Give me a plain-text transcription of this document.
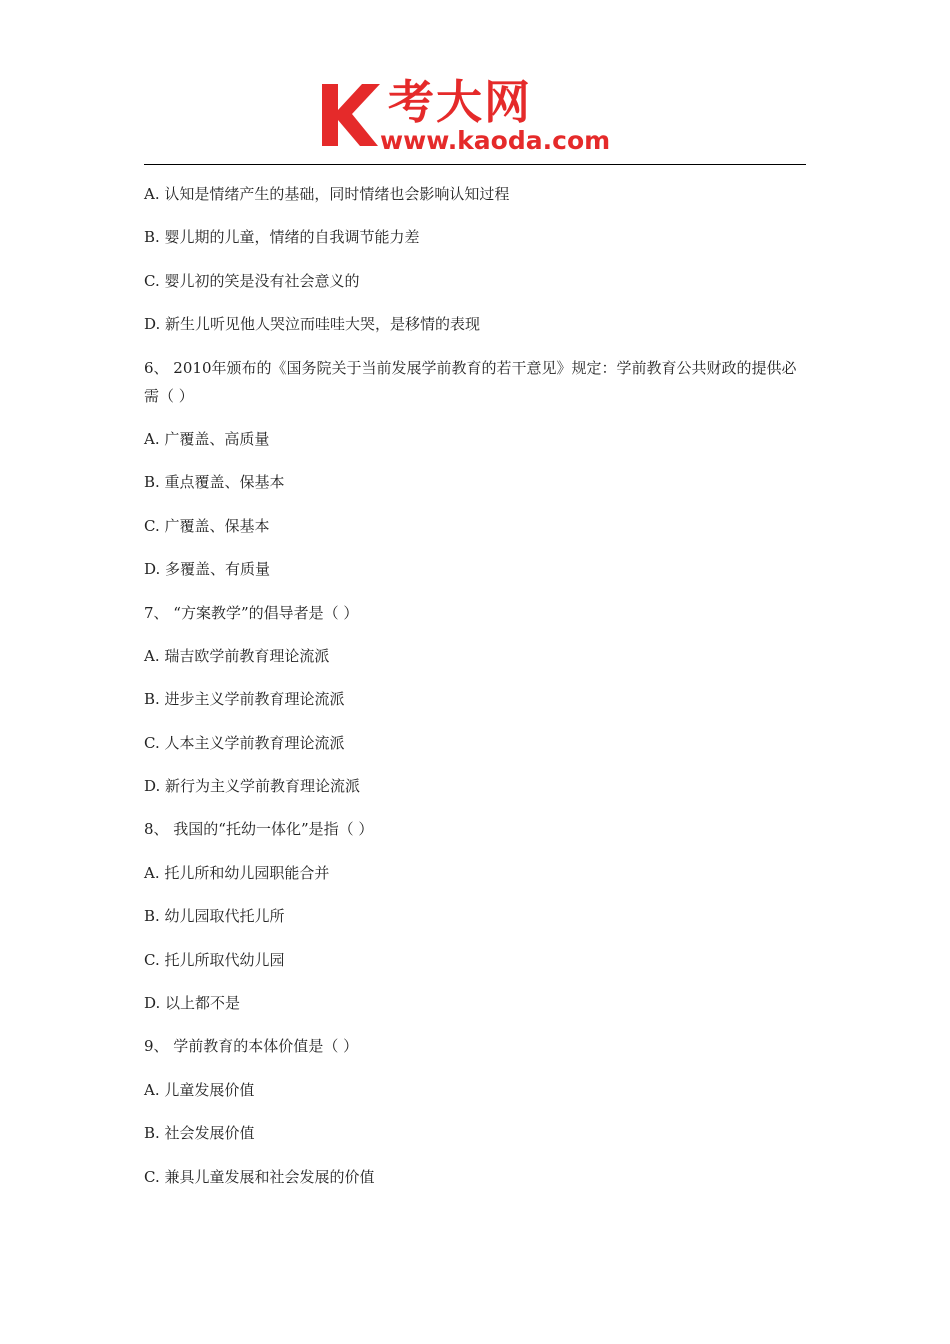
考大网
www.kaoda.com
A. 认知是情绪产生的基础，同时情绪也会影响认知过程
B. 婴儿期的儿童，情绪的自我调节能力差
C. 婴儿初的笑是没有社会意义的
D. 新生儿听见他人哭泣而哇哇大哭，是移情的表现
6、 2010年颁布的《国务院关于当前发展学前教育的若干意见》规定：学前教育公共财政的提供必需（ ）
A. 广覆盖、高质量
B. 重点覆盖、保基本
C. 广覆盖、保基本
D. 多覆盖、有质量
7、 “方案教学”的倡导者是（ ）
A. 瑞吉欧学前教育理论流派
B. 进步主义学前教育理论流派
C. 人本主义学前教育理论流派
D. 新行为主义学前教育理论流派
8、 我国的“托幼一体化”是指（ ）
A. 托儿所和幼儿园职能合并
B. 幼儿园取代托儿所
C. 托儿所取代幼儿园
D. 以上都不是
9、 学前教育的本体价值是（ ）
A. 儿童发展价值
B. 社会发展价值
C. 兼具儿童发展和社会发展的价值
